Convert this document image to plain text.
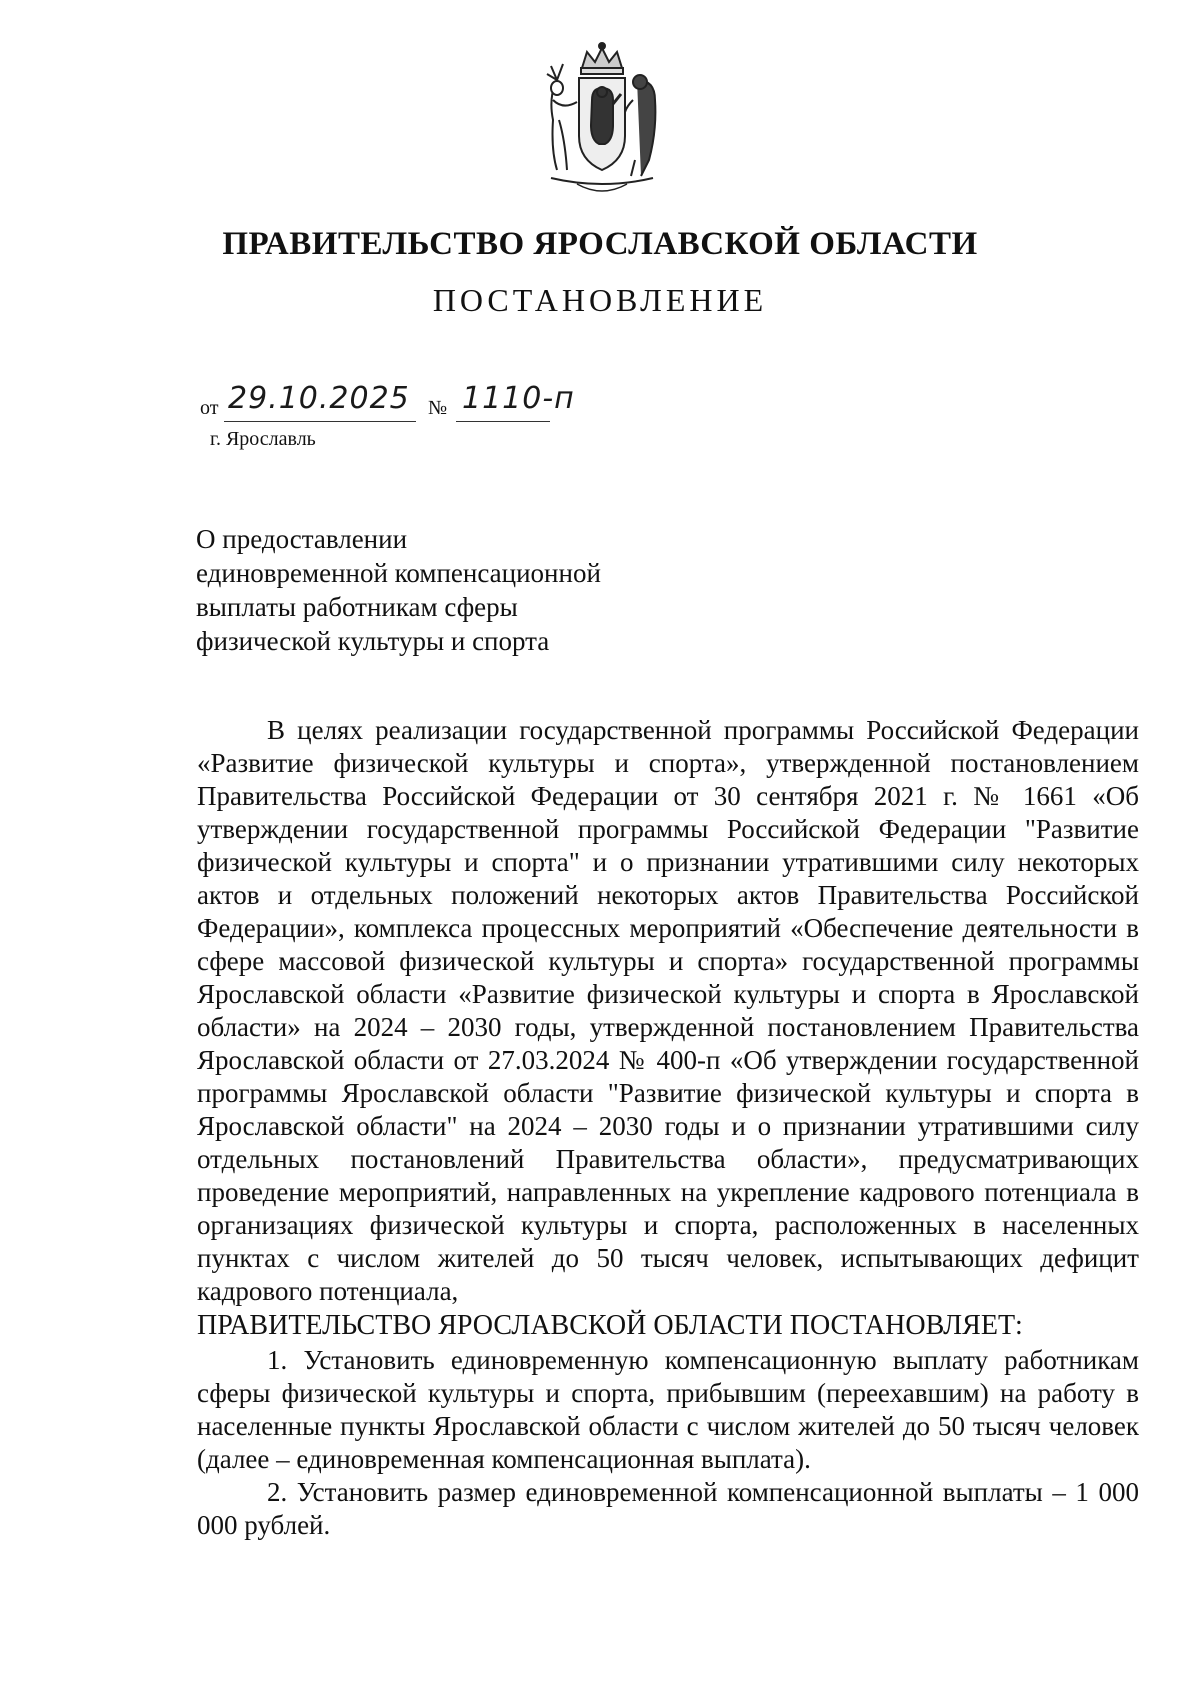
ПРАВИТЕЛЬСТВО ЯРОСЛАВСКОЙ ОБЛАСТИ
ПОСТАНОВЛЕНИЕ
от 29.10.2025 № 1110-п
г. Ярославль
О предоставлении
единовременной компенсационной
выплаты работникам сферы
физической культуры и спорта

В целях реализации государственной программы Российской Федерации «Развитие физической культуры и спорта», утвержденной постановлением Правительства Российской Федерации от 30 сентября 2021 г. № 1661 «Об утверждении государственной программы Российской Федерации "Развитие физической культуры и спорта" и о признании утратившими силу некоторых актов и отдельных положений некоторых актов Правительства Российской Федерации», комплекса процессных мероприятий «Обеспечение деятельности в сфере массовой физической культуры и спорта» государственной программы Ярославской области «Развитие физической культуры и спорта в Ярославской области» на 2024 – 2030 годы, утвержденной постановлением Правительства Ярославской области от 27.03.2024 № 400-п «Об утверждении государственной программы Ярославской области "Развитие физической культуры и спорта в Ярославской области" на 2024 – 2030 годы и о признании утратившими силу отдельных постановлений Правительства области», предусматривающих проведение мероприятий, направленных на укрепление кадрового потенциала в организациях физической культуры и спорта, расположенных в населенных пунктах с числом жителей до 50 тысяч человек, испытывающих дефицит кадрового потенциала,

ПРАВИТЕЛЬСТВО ЯРОСЛАВСКОЙ ОБЛАСТИ ПОСТАНОВЛЯЕТ:

1. Установить единовременную компенсационную выплату работникам сферы физической культуры и спорта, прибывшим (переехавшим) на работу в населенные пункты Ярославской области с числом жителей до 50 тысяч человек (далее – единовременная компенсационная выплата).

2. Установить размер единовременной компенсационной выплаты – 1 000 000 рублей.
